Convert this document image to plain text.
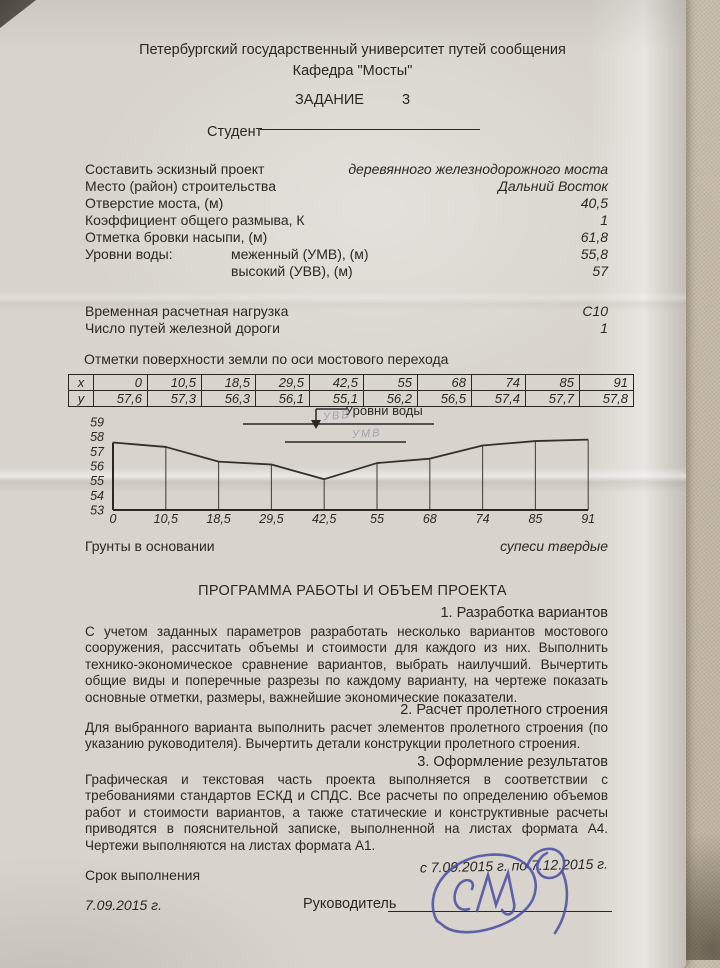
Петербургский государственный университет путей сообщения
Кафедра "Мосты"
ЗАДАНИЕ	3
Студент
Составить эскизный проект	деревянного железнодорожного моста
Место (район) строительства	Дальний Восток
Отверстие моста, (м)	40,5
Коэффициент общего размыва, К	1
Отметка бровки насыпи, (м)	61,8
Уровни воды:	меженный (УМВ), (м)	55,8
высокий (УВВ), (м)	57
Временная расчетная нагрузка	С10
Число путей железной дороги	1
Отметки поверхности земли по оси мостового перехода
х	0	10,5	18,5	29,5	42,5	55	68	74	85	91
у	57,6	57,3	56,3	56,1	55,1	56,2	56,5	57,4	57,7	57,8
59
58
57
56
55
54
53
0	10,5 18,5 29,5 42,5	55	68	74	85	91
Уровни воды
УВВ
УМВ
Грунты в основании	супеси твердые
ПРОГРАММА РАБОТЫ И ОБЪЕМ ПРОЕКТА
1. Разработка вариантов
С учетом заданных параметров разработать несколько вариантов мостового сооружения, рассчитать объемы и стоимости для каждого из них. Выполнить технико-экономическое сравнение вариантов, выбрать наилучший. Вычертить общие виды и поперечные разрезы по каждому варианту, на чертеже показать основные отметки, размеры, важнейшие экономические показатели.
2. Расчет пролетного строения
Для выбранного варианта выполнить расчет элементов пролетного строения (по указанию руководителя). Вычертить детали конструкции пролетного строения.
3. Оформление результатов
Графическая и текстовая часть проекта выполняется в соответствии с требованиями стандартов ЕСКД и СПДС. Все расчеты по определению объемов работ и стоимости вариантов, а также статические и конструктивные расчеты приводятся в пояснительной записке, выполненной на листах формата А4. Чертежи выполняются на листах формата А1.
Срок выполнения	с 7.09.2015 г. по 7.12.2015 г.
7.09.2015 г.	Руководитель
